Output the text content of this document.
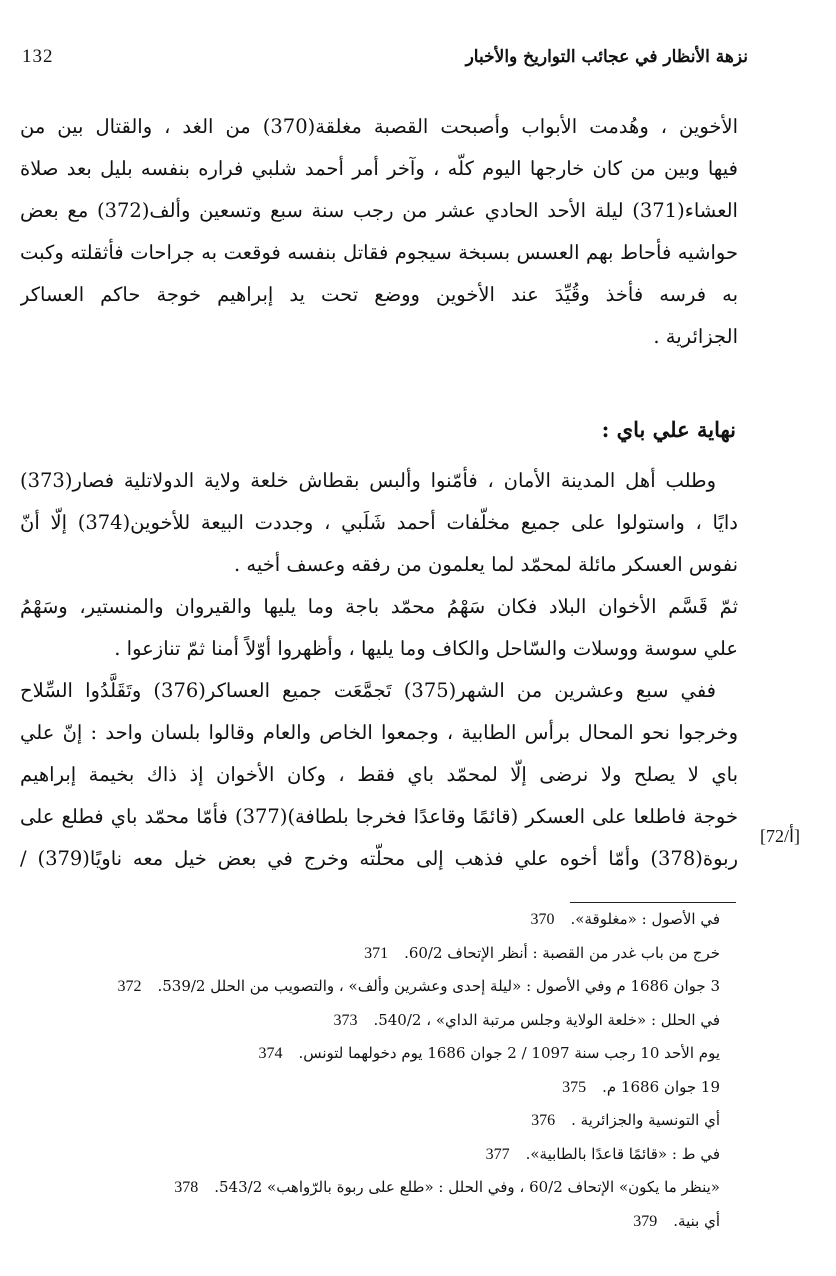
132	نزهة الأنظار في عجائب التواريخ والأخبار
الأخوين ، وهُدمت الأبواب وأصبحت القصبة مغلقة(370) من الغد ، والقتال بين من
فيها وبين من كان خارجها اليوم كلّه ، وآخر أمر أحمد شلبي فراره بنفسه بليل بعد صلاة
العشاء(371) ليلة الأحد الحادي عشر من رجب سنة سبع وتسعين وألف(372) مع بعض
حواشيه فأحاط بهم العسس بسبخة سيجوم فقاتل بنفسه فوقعت به جراحات فأثقلته وكبت
به فرسه فأخذ وقُيِّدَ عند الأخوين ووضع تحت يد إبراهيم خوجة حاكم العساكر
الجزائرية .
نهاية علي باي :
وطلب أهل المدينة الأمان ، فأمّنوا وألبس بقطاش خلعة ولاية الدولاتلية فصار(373)
دايًا ، واستولوا على جميع مخلّفات أحمد شَلَبي ، وجددت البيعة للأخوين(374) إلّا أنّ
نفوس العسكر مائلة لمحمّد لما يعلمون من رفقه وعسف أخيه .
ثمّ قَسَّم الأخوان البلاد فكان سَهْمُ محمّد باجة وما يليها والقيروان والمنستير، وسَهْمُ
علي سوسة ووسلات والسّاحل والكاف وما يليها ، وأظهروا أوّلاً أمنا ثمّ تنازعوا .
ففي سبع وعشرين من الشهر(375) تَجمَّعَت جميع العساكر(376) وتَقَلَّدُوا السِّلاح
وخرجوا نحو المحال برأس الطابية ، وجمعوا الخاص والعام وقالوا بلسان واحد : إنّ علي
باي لا يصلح ولا نرضى إلّا لمحمّد باي فقط ، وكان الأخوان إذ ذاك بخيمة إبراهيم
خوجة فاطلعا على العسكر (قائمًا وقاعدًا فخرجا بلطافة)(377) فأمّا محمّد باي فطلع على
ربوة(378) وأمّا أخوه علي فذهب إلى محلّته وخرج في بعض خيل معه ناويًا(379) /
[72/أ]
في الأصول : «مغلوقة».
370
خرج من باب غدر من القصبة : أنظر الإتحاف 60/2.
371
3 جوان 1686 م وفي الأصول : «ليلة إحدى وعشرين وألف» ، والتصويب من الحلل 539/2.
372
في الحلل : «خلعة الولاية وجلس مرتبة الداي» ، 540/2.
373
يوم الأحد 10 رجب سنة 1097 / 2 جوان 1686 يوم دخولهما لتونس.
374
19 جوان 1686 م.
375
أي التونسية والجزائرية .
376
في ط : «قائمًا قاعدًا بالطابية».
377
«ينظر ما يكون» الإتحاف 60/2 ، وفي الحلل : «طلع على ربوة بالرّواهب» 543/2.
378
أي بنية.
379
